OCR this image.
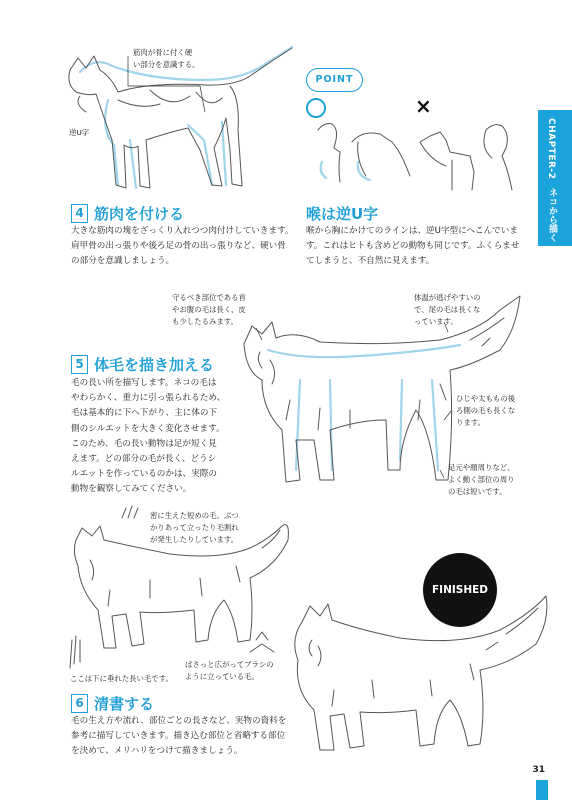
CHAPTER-2
ネコから描く
筋肉が骨に付く硬
い部分を意識する。
逆U字
POINT
×
4 筋肉を付ける
大きな筋肉の塊をざっくり入れつつ肉付けしていきます。
肩甲骨の出っ張りや後ろ足の骨の出っ張りなど、硬い骨
の部分を意識しましょう。
喉は逆U字
喉から胸にかけてのラインは、逆U字型にへこんでいま
す。これはヒトも含めどの動物も同じです。ふくらませ
てしまうと、不自然に見えます。
守るべき部位である首
やお腹の毛は長く、皮
も少したるみます。
体温が逃げやすいの
で、尾の毛は長くな
っています。
ひじや太ももの後
ろ側の毛も長くな
ります。
足元や顔周りなど、
よく動く部位の周り
の毛は短いです。
5 体毛を描き加える
毛の長い所を描写します。ネコの毛は
やわらかく、重力に引っ張られるため、
毛は基本的に下へ下がり、主に体の下
側のシルエットを大きく変化させます。
このため、毛の長い動物は足が短く見
えます。どの部分の毛が長く、どうシ
ルエットを作っているのかは、実際の
動物を観察してみてください。
密に生えた短めの毛。ぶつ
かりあって立ったり毛割れ
が発生したりしています。
ここは下に垂れた長い毛です。
ぱさっと広がってブラシの
ように立っている毛。
FINISHED
6 清書する
毛の生え方や流れ、部位ごとの長さなど、実物の資料を
参考に描写していきます。描き込む部位と省略する部位
を決めて、メリハリをつけて描きましょう。
31
